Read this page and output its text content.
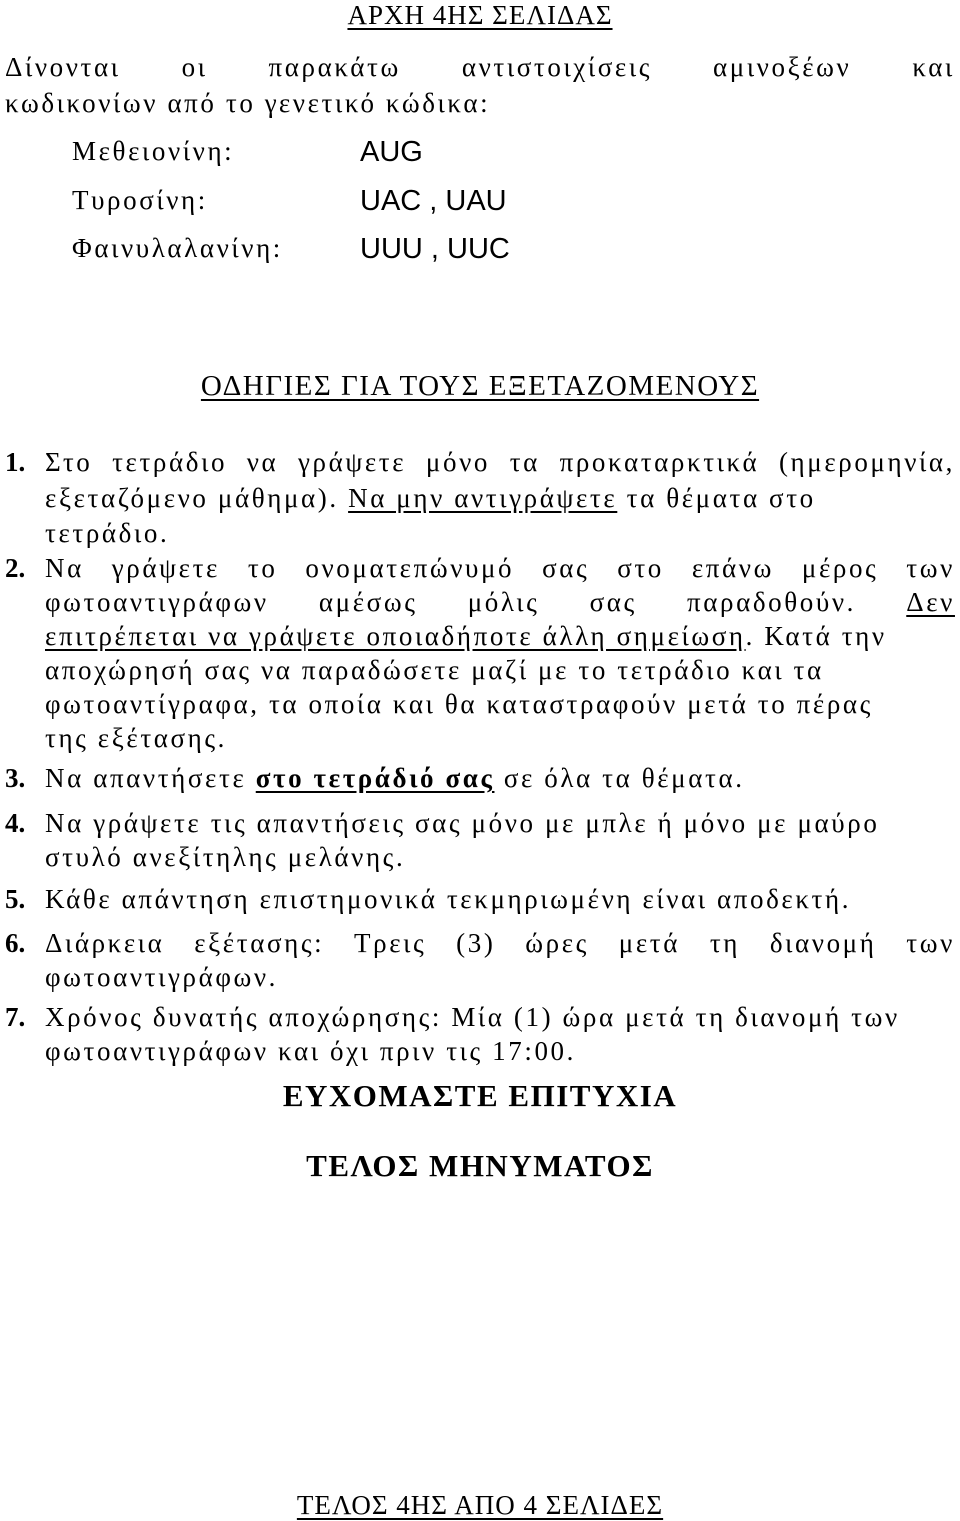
ΑΡΧΗ 4ΗΣ ΣΕΛΙΔΑΣ
Δίνονται οι παρακάτω αντιστοιχίσεις αμινοξέων και
κωδικονίων από το γενετικό κώδικα:
Μεθειονίνη:	AUG
Τυροσίνη:	UAC , UAU
Φαινυλαλανίνη:	UUU , UUC
ΟΔΗΓΙΕΣ ΓΙΑ ΤΟΥΣ ΕΞΕΤΑΖΟΜΕΝΟΥΣ
1. Στο τετράδιο να γράψετε μόνο τα προκαταρκτικά (ημερομηνία,
εξεταζόμενο μάθημα). Να μην αντιγράψετε τα θέματα στο
τετράδιο.
2. Να γράψετε το ονοματεπώνυμό σας στο επάνω μέρος των
φωτοαντιγράφων αμέσως μόλις σας παραδοθούν. Δεν
επιτρέπεται να γράψετε οποιαδήποτε άλλη σημείωση. Κατά την
αποχώρησή σας να παραδώσετε μαζί με το τετράδιο και τα
φωτοαντίγραφα, τα οποία και θα καταστραφούν μετά το πέρας
της εξέτασης.
3. Να απαντήσετε στο τετράδιό σας σε όλα τα θέματα.
4. Να γράψετε τις απαντήσεις σας μόνο με μπλε ή μόνο με μαύρο
στυλό ανεξίτηλης μελάνης.
5. Κάθε απάντηση επιστημονικά τεκμηριωμένη είναι αποδεκτή.
6. Διάρκεια εξέτασης: Τρεις (3) ώρες μετά τη διανομή των
φωτοαντιγράφων.
7. Χρόνος δυνατής αποχώρησης: Μία (1) ώρα μετά τη διανομή των
φωτοαντιγράφων και όχι πριν τις 17:00.
ΕΥΧΟΜΑΣΤΕ ΕΠΙΤΥΧΙΑ
ΤΕΛΟΣ ΜΗΝΥΜΑΤΟΣ
ΤΕΛΟΣ 4ΗΣ ΑΠΟ 4 ΣΕΛΙΔΕΣ
